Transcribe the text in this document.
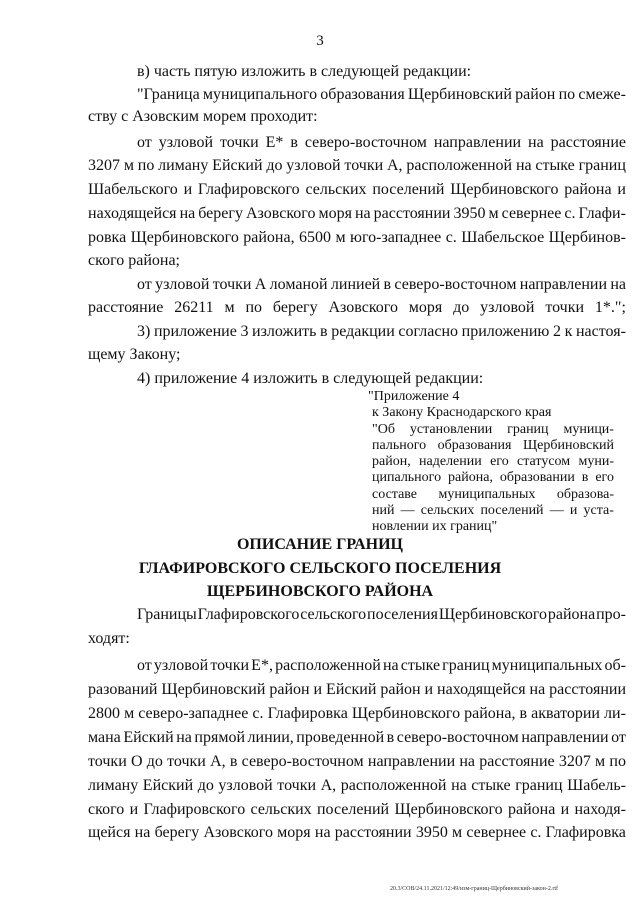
3
в) часть пятую изложить в следующей редакции:
"Граница муниципального образования Щербиновский район по смеже-
ству с Азовским морем проходит:
от узловой точки Е* в северо-восточном направлении на расстояние
3207 м по лиману Ейский до узловой точки А, расположенной на стыке границ
Шабельского и Глафировского сельских поселений Щербиновского района и
находящейся на берегу Азовского моря на расстоянии 3950 м севернее с. Глафи-
ровка Щербиновского района, 6500 м юго-западнее с. Шабельское Щербинов-
ского района;
от узловой точки А ломаной линией в северо-восточном направлении на
расстояние 26211 м по берегу Азовского моря до узловой точки 1*.";
3) приложение 3 изложить в редакции согласно приложению 2 к настоя-
щему Закону;
4) приложение 4 изложить в следующей редакции:
"Приложение 4
к Закону Краснодарского края
"Об установлении границ муници-
пального образования Щербиновский
район, наделении его статусом муни-
ципального района, образовании в его
составе муниципальных образова-
ний — сельских поселений — и уста-
новлении их границ"
ОПИСАНИЕ ГРАНИЦ
ГЛАФИРОВСКОГО СЕЛЬСКОГО ПОСЕЛЕНИЯ
ЩЕРБИНОВСКОГО РАЙОНА
Границы Глафировского сельского поселения Щербиновского района про-
ходят:
от узловой точки Е*, расположенной на стыке границ муниципальных об-
разований Щербиновский район и Ейский район и находящейся на расстоянии
2800 м северо-западнее с. Глафировка Щербиновского района, в акватории ли-
мана Ейский на прямой линии, проведенной в северо-восточном направлении от
точки О до точки А, в северо-восточном направлении на расстояние 3207 м по
лиману Ейский до узловой точки А, расположенной на стыке границ Шабель-
ского и Глафировского сельских поселений Щербиновского района и находя-
щейся на берегу Азовского моря на расстоянии 3950 м севернее с. Глафировка
20.3/СОВ/24.11.2021/12:49/изм-границ-Щербиновский-закон-2.rtf
